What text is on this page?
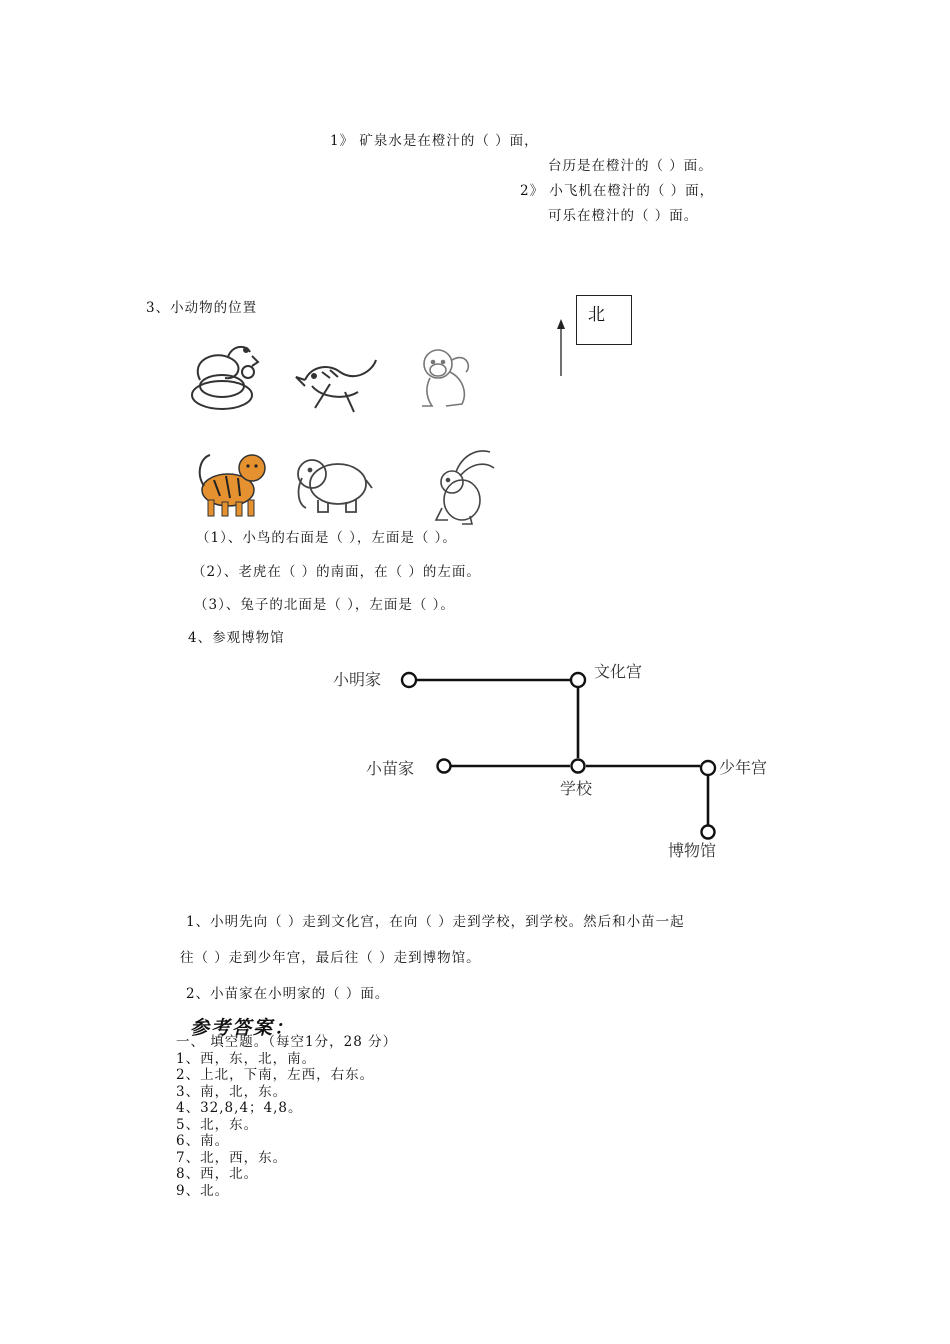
1》 矿泉水是在橙汁的（ ）面，
台历是在橙汁的（ ）面。
2》 小飞机在橙汁的（ ）面，
可乐在橙汁的（ ）面。
3、小动物的位置	北
（1）、小鸟的右面是（ ），左面是（ ）。
（2）、老虎在（ ）的南面，在（ ）的左面。
（3）、兔子的北面是（ ），左面是（ ）。
4、参观博物馆
小明家	文化宫
小苗家
学校
少年宫
博物馆
1、小明先向（ ）走到文化宫，在向（ ）走到学校，到学校。然后和小苗一起
往（ ）走到少年宫，最后往（ ）走到博物馆。
2、小苗家在小明家的（ ）面。
参考答案：
一、 填空题。（每空1分，28 分）
1、西，东，北，南。
2、上北，下南，左西，右东。
3、南，北，东。
4、32,8,4；4,8。
5、北，东。
6、南。
7、北，西，东。
8、西，北。
9、北。
